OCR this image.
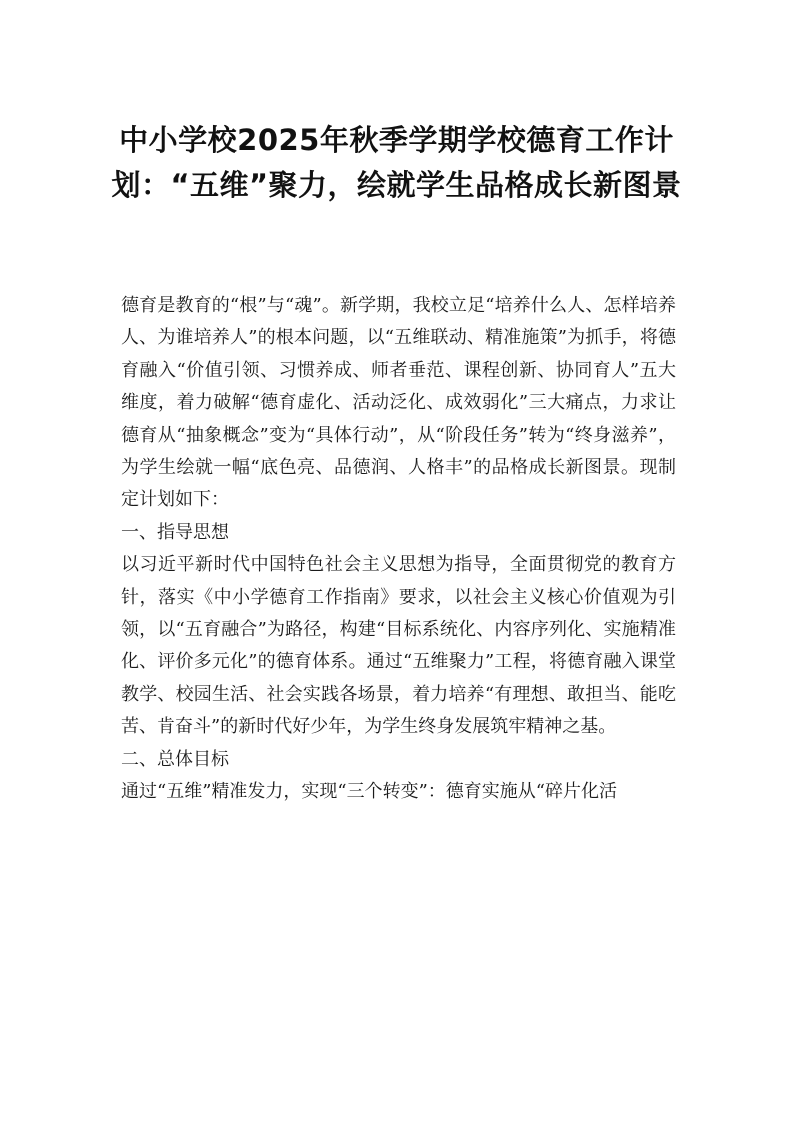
中小学校2025年秋季学期学校德育工作计划：“五维”聚力，绘就学生品格成长新图景

德育是教育的“根”与“魂”。新学期，我校立足“培养什么人、怎样培养人、为谁培养人”的根本问题，以“五维联动、精准施策”为抓手，将德育融入“价值引领、习惯养成、师者垂范、课程创新、协同育人”五大维度，着力破解“德育虚化、活动泛化、成效弱化”三大痛点，力求让德育从“抽象概念”变为“具体行动”，从“阶段任务”转为“终身滋养”，为学生绘就一幅“底色亮、品德润、人格丰”的品格成长新图景。现制定计划如下：

一、指导思想

以习近平新时代中国特色社会主义思想为指导，全面贯彻党的教育方针，落实《中小学德育工作指南》要求，以社会主义核心价值观为引领，以“五育融合”为路径，构建“目标系统化、内容序列化、实施精准化、评价多元化”的德育体系。通过“五维聚力”工程，将德育融入课堂教学、校园生活、社会实践各场景，着力培养“有理想、敢担当、能吃苦、肯奋斗”的新时代好少年，为学生终身发展筑牢精神之基。

二、总体目标

通过“五维”精准发力，实现“三个转变”：德育实施从“碎片化活
